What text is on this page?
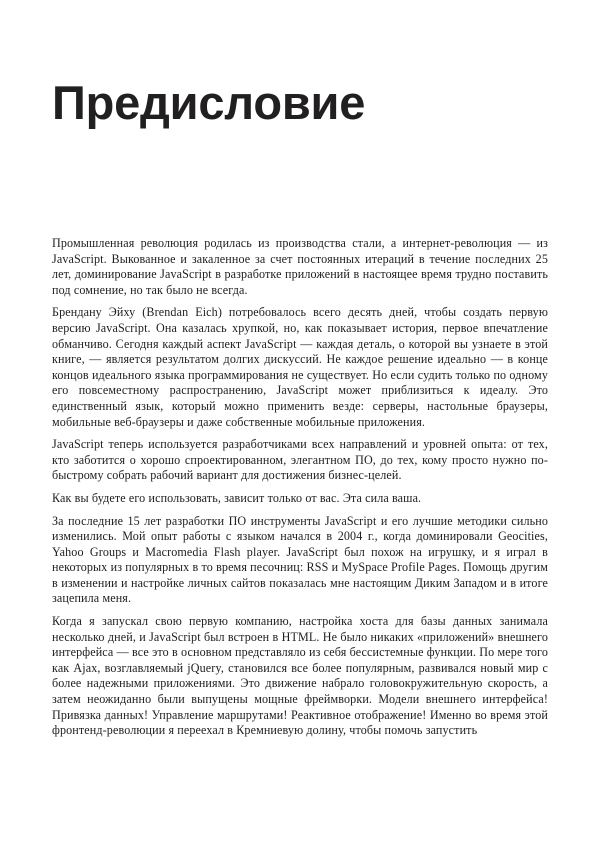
Предисловие

Промышленная революция родилась из производства стали, а интернет-революция — из JavaScript. Выкованное и закаленное за счет постоянных итераций в течение последних 25 лет, доминирование JavaScript в разработке приложений в настоящее время трудно поставить под сомнение, но так было не всегда.

Брендану Эйху (Brendan Eich) потребовалось всего десять дней, чтобы создать первую версию JavaScript. Она казалась хрупкой, но, как показывает история, первое впечатление обманчиво. Сегодня каждый аспект JavaScript — каждая деталь, о которой вы узнаете в этой книге, — является результатом долгих дискуссий. Не каждое решение идеально — в конце концов идеального языка программирования не существует. Но если судить только по одному его повсеместному распространению, JavaScript может приблизиться к идеалу. Это единственный язык, который можно применить везде: серверы, настольные браузеры, мобильные веб-браузеры и даже собственные мобильные приложения.

JavaScript теперь используется разработчиками всех направлений и уровней опыта: от тех, кто заботится о хорошо спроектированном, элегантном ПО, до тех, кому просто нужно по-быстрому собрать рабочий вариант для достижения бизнес-целей.

Как вы будете его использовать, зависит только от вас. Эта сила ваша.

За последние 15 лет разработки ПО инструменты JavaScript и его лучшие методики сильно изменились. Мой опыт работы с языком начался в 2004 г., когда доминировали Geocities, Yahoo Groups и Macromedia Flash player. JavaScript был похож на игрушку, и я играл в некоторых из популярных в то время песочниц: RSS и MySpace Profile Pages. Помощь другим в изменении и настройке личных сайтов показалась мне настоящим Диким Западом и в итоге зацепила меня.

Когда я запускал свою первую компанию, настройка хоста для базы данных занимала несколько дней, и JavaScript был встроен в HTML. Не было никаких «приложений» внешнего интерфейса — все это в основном представляло из себя бессистемные функции. По мере того как Ajax, возглавляемый jQuery, становился все более популярным, развивался новый мир с более надежными приложениями. Это движение набрало головокружительную скорость, а затем неожиданно были выпущены мощные фреймворки. Модели внешнего интерфейса! Привязка данных! Управление маршрутами! Реактивное отображение! Именно во время этой фронтенд-революции я переехал в Кремниевую долину, чтобы помочь запустить
